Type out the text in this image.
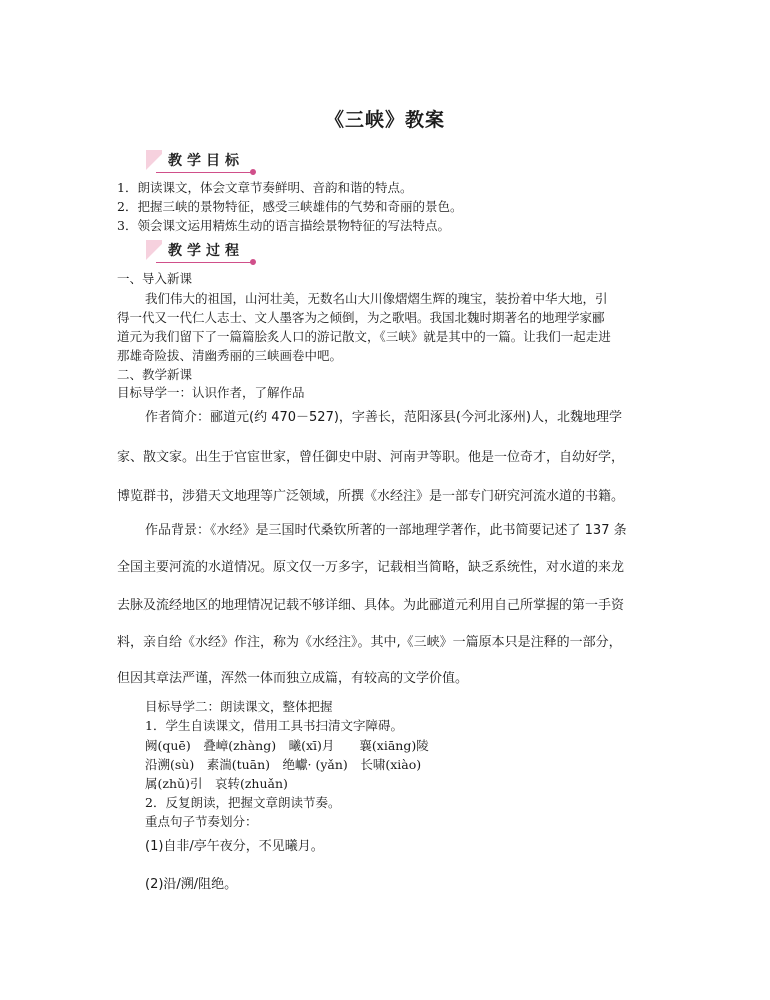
《三峡》教案
教学目标
1．朗读课文，体会文章节奏鲜明、音韵和谐的特点。
2．把握三峡的景物特征，感受三峡雄伟的气势和奇丽的景色。
3．领会课文运用精炼生动的语言描绘景物特征的写法特点。
教学过程
一、导入新课
我们伟大的祖国，山河壮美，无数名山大川像熠熠生辉的瑰宝，装扮着中华大地，引
得一代又一代仁人志士、文人墨客为之倾倒，为之歌唱。我国北魏时期著名的地理学家郦
道元为我们留下了一篇篇脍炙人口的游记散文，《三峡》就是其中的一篇。让我们一起走进
那雄奇险拔、清幽秀丽的三峡画卷中吧。
二、教学新课
目标导学一：认识作者，了解作品
作者简介：郦道元(约 470－527)，字善长，范阳涿县(今河北涿州)人，北魏地理学
家、散文家。出生于官宦世家，曾任御史中尉、河南尹等职。他是一位奇才，自幼好学，
博览群书，涉猎天文地理等广泛领域，所撰《水经注》是一部专门研究河流水道的书籍。
作品背景：《水经》是三国时代桑钦所著的一部地理学著作，此书简要记述了 137 条
全国主要河流的水道情况。原文仅一万多字，记载相当简略，缺乏系统性，对水道的来龙
去脉及流经地区的地理情况记载不够详细、具体。为此郦道元利用自己所掌握的第一手资
料，亲自给《水经》作注，称为《水经注》。其中,《三峡》一篇原本只是注释的一部分，
但因其章法严谨，浑然一体而独立成篇，有较高的文学价值。
目标导学二：朗读课文，整体把握
1．学生自读课文，借用工具书扫清文字障碍。
阙(quē)　叠嶂(zhàng)　曦(xī)月　　襄(xiāng)陵
沿溯(sù)　素湍(tuān)　绝巘· (yǎn)　长啸(xiào)
属(zhǔ)引　哀转(zhuǎn)
2．反复朗读，把握文章朗读节奏。
重点句子节奏划分：
(1)自非/亭午夜分，不见曦月。
(2)沿/溯/阻绝。
